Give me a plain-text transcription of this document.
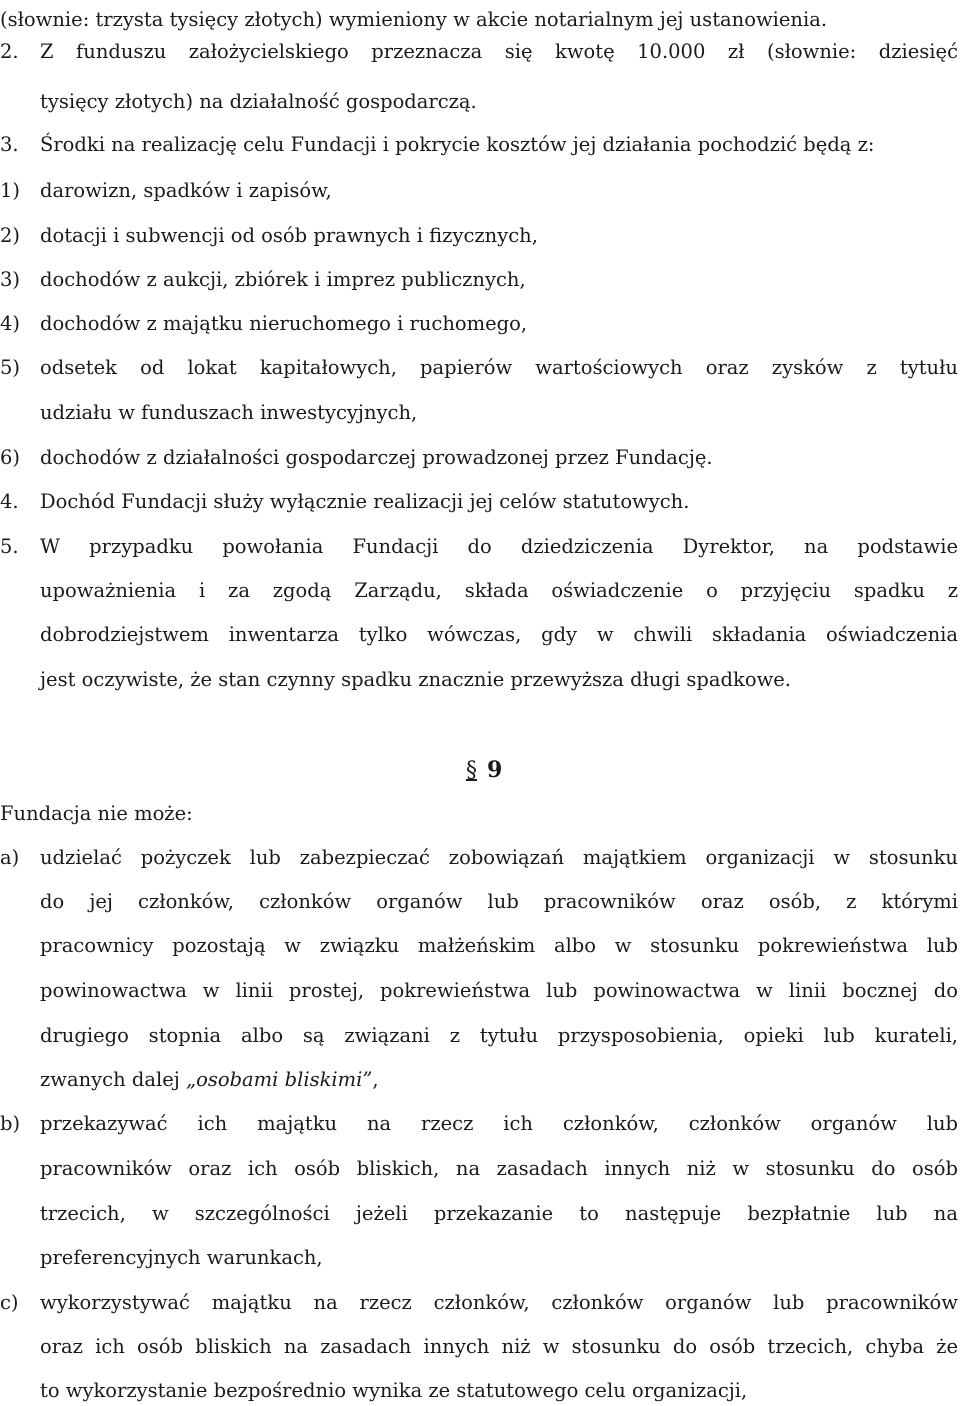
(słownie: trzysta tysięcy złotych) wymieniony w akcie notarialnym jej ustanowienia.
2. Z funduszu założycielskiego przeznacza się kwotę 10.000 zł (słownie: dziesięć
tysięcy złotych) na działalność gospodarczą.
3. Środki na realizację celu Fundacji i pokrycie kosztów jej działania pochodzić będą z:
1) darowizn, spadków i zapisów,
2) dotacji i subwencji od osób prawnych i fizycznych,
3) dochodów z aukcji, zbiórek i imprez publicznych,
4) dochodów z majątku nieruchomego i ruchomego,
5) odsetek od lokat kapitałowych, papierów wartościowych oraz zysków z tytułu
udziału w funduszach inwestycyjnych,
6) dochodów z działalności gospodarczej prowadzonej przez Fundację.
4. Dochód Fundacji służy wyłącznie realizacji jej celów statutowych.
5. W przypadku powołania Fundacji do dziedziczenia Dyrektor, na podstawie
upoważnienia i za zgodą Zarządu, składa oświadczenie o przyjęciu spadku z
dobrodziejstwem inwentarza tylko wówczas, gdy w chwili składania oświadczenia
jest oczywiste, że stan czynny spadku znacznie przewyższa długi spadkowe.
§ 9
Fundacja nie może:
a) udzielać pożyczek lub zabezpieczać zobowiązań majątkiem organizacji w stosunku
do jej członków, członków organów lub pracowników oraz osób, z którymi
pracownicy pozostają w związku małżeńskim albo w stosunku pokrewieństwa lub
powinowactwa w linii prostej, pokrewieństwa lub powinowactwa w linii bocznej do
drugiego stopnia albo są związani z tytułu przysposobienia, opieki lub kurateli,
zwanych dalej „osobami bliskimi”,
b) przekazywać ich majątku na rzecz ich członków, członków organów lub
pracowników oraz ich osób bliskich, na zasadach innych niż w stosunku do osób
trzecich, w szczególności jeżeli przekazanie to następuje bezpłatnie lub na
preferencyjnych warunkach,
c) wykorzystywać majątku na rzecz członków, członków organów lub pracowników
oraz ich osób bliskich na zasadach innych niż w stosunku do osób trzecich, chyba że
to wykorzystanie bezpośrednio wynika ze statutowego celu organizacji,
